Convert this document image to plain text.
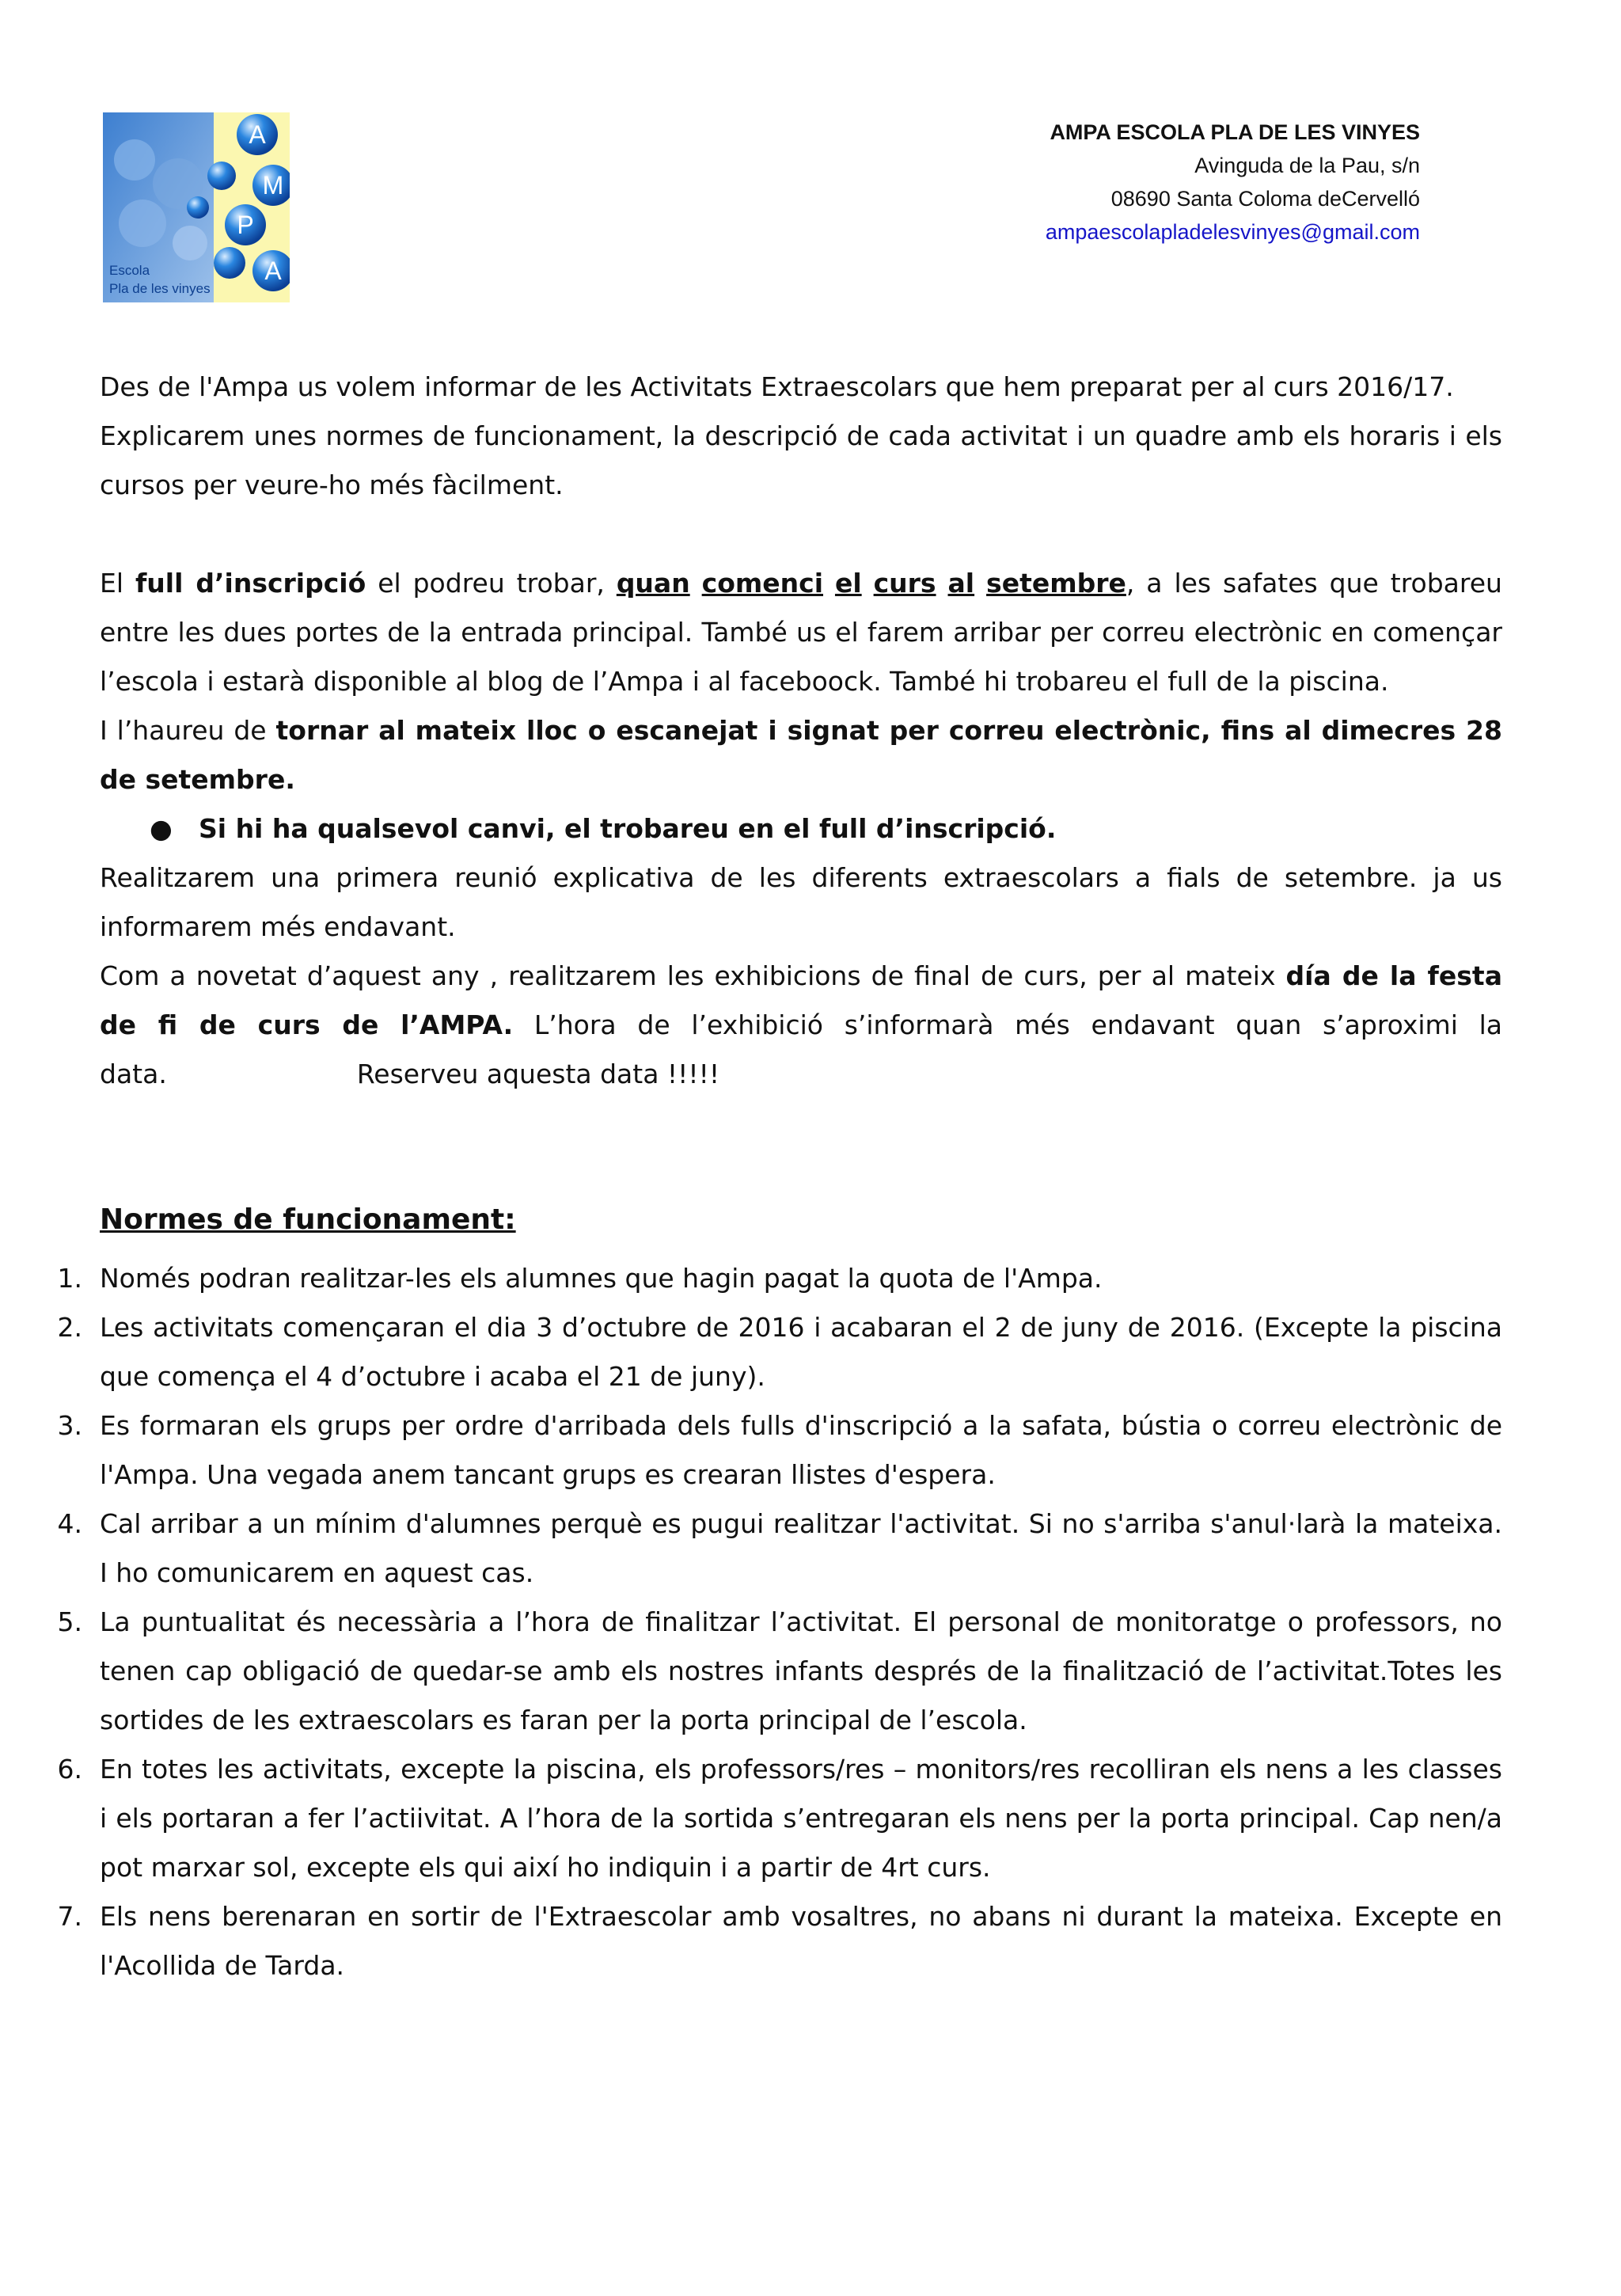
A
M
P
A
Escola
Pla de les vinyes
AMPA ESCOLA PLA DE LES VINYES
Avinguda de la Pau, s/n
08690 Santa Coloma deCervelló
ampaescolapladelesvinyes@gmail.com

Des de l'Ampa us volem informar de les Activitats Extraescolars que hem preparat per al curs 2016/17.

Explicarem unes normes de funcionament, la descripció de cada activitat i un quadre amb els horaris i els cursos per veure-ho més fàcilment.

El full d’inscripció el podreu trobar, quan comenci el curs al setembre, a les safates que trobareu entre les dues portes de la entrada principal. També us el farem arribar per correu electrònic en començar l’escola i estarà disponible al blog de l’Ampa i al faceboock. També hi trobareu el full de la piscina.

I l’haureu de tornar al mateix lloc o escanejat i signat per correu electrònic, fins al dimecres 28 de setembre.

● Si hi ha qualsevol canvi, el trobareu en el full d’inscripció.

Realitzarem una primera reunió explicativa de les diferents extraescolars a fials de setembre. ja us informarem més endavant.

Com a novetat d’aquest any , realitzarem les exhibicions de final de curs, per al mateix día de la festa de fi de curs de l’AMPA. L’hora de l’exhibició s’informarà més endavant quan s’aproximi la data.	Reserveu aquesta data !!!!!

Normes de funcionament:
1. Només podran realitzar-les els alumnes que hagin pagat la quota de l'Ampa.
2. Les activitats començaran el dia 3 d’octubre de 2016 i acabaran el 2 de juny de 2016. (Excepte la piscina que comença el 4 d’octubre i acaba el 21 de juny).
3. Es formaran els grups per ordre d'arribada dels fulls d'inscripció a la safata, bústia o correu electrònic de l'Ampa. Una vegada anem tancant grups es crearan llistes d'espera.
4. Cal arribar a un mínim d'alumnes perquè es pugui realitzar l'activitat. Si no s'arriba s'anul·larà la mateixa. I ho comunicarem en aquest cas.
5. La puntualitat és necessària a l’hora de finalitzar l’activitat. El personal de monitoratge o professors, no tenen cap obligació de quedar-se amb els nostres infants després de la finalització de l’activitat.Totes les sortides de les extraescolars es faran per la porta principal de l’escola.
6. En totes les activitats, excepte la piscina, els professors/res – monitors/res recolliran els nens a les classes i els portaran a fer l’actiivitat. A l’hora de la sortida s’entregaran els nens per la porta principal. Cap nen/a pot marxar sol, excepte els qui així ho indiquin i a partir de 4rt curs.
7. Els nens berenaran en sortir de l'Extraescolar amb vosaltres, no abans ni durant la mateixa. Excepte en l'Acollida de Tarda.
